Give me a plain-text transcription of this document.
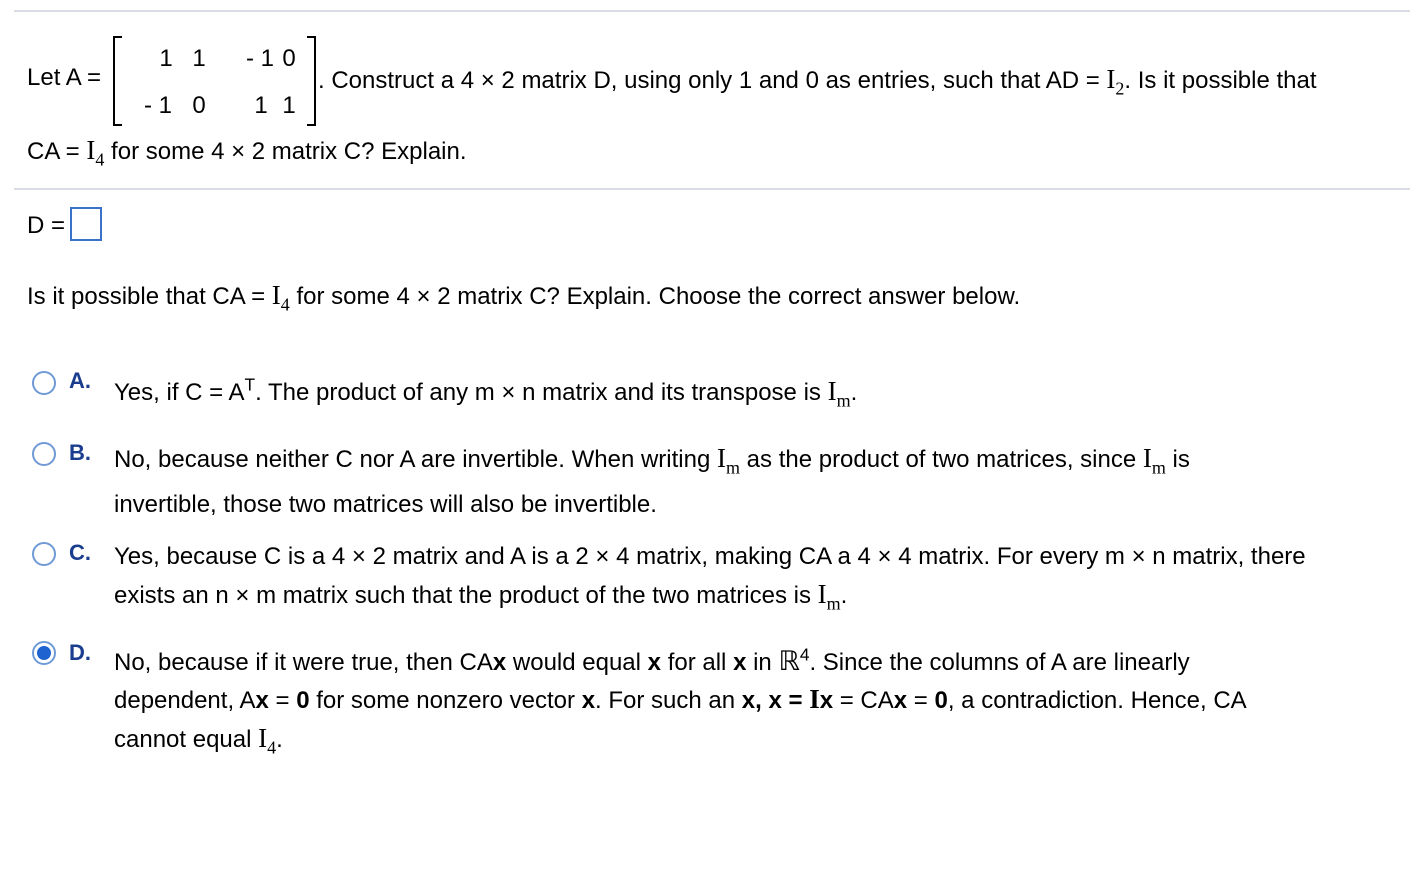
Let A =
1 1 - 1 0
- 1 0 1 1
. Construct a 4 × 2 matrix D, using only 1 and 0 as entries, such that AD = $I_2$. Is it possible that
CA = $I_4$ for some 4 × 2 matrix C? Explain.
D =
Is it possible that CA = $I_4$ for some 4 × 2 matrix C? Explain. Choose the correct answer below.
A. Yes, if $C = A^T$. The product of any m × n matrix and its transpose is $I_m$.
B. No, because neither C nor A are invertible. When writing $I_m$ as the product of two matrices, since $I_m$ is
invertible, those two matrices will also be invertible.
C. Yes, because C is a 4 × 2 matrix and A is a 2 × 4 matrix, making CA a 4 × 4 matrix. For every m × n matrix, there
exists an n × m matrix such that the product of the two matrices is $I_m$.
D. No, because if it were true, then CAx would equal x for all x in ℝ$^4$. Since the columns of A are linearly
dependent, Ax = 0 for some nonzero vector x. For such an x, x = Ix = CAx = 0, a contradiction. Hence, CA
cannot equal $I_4$.
